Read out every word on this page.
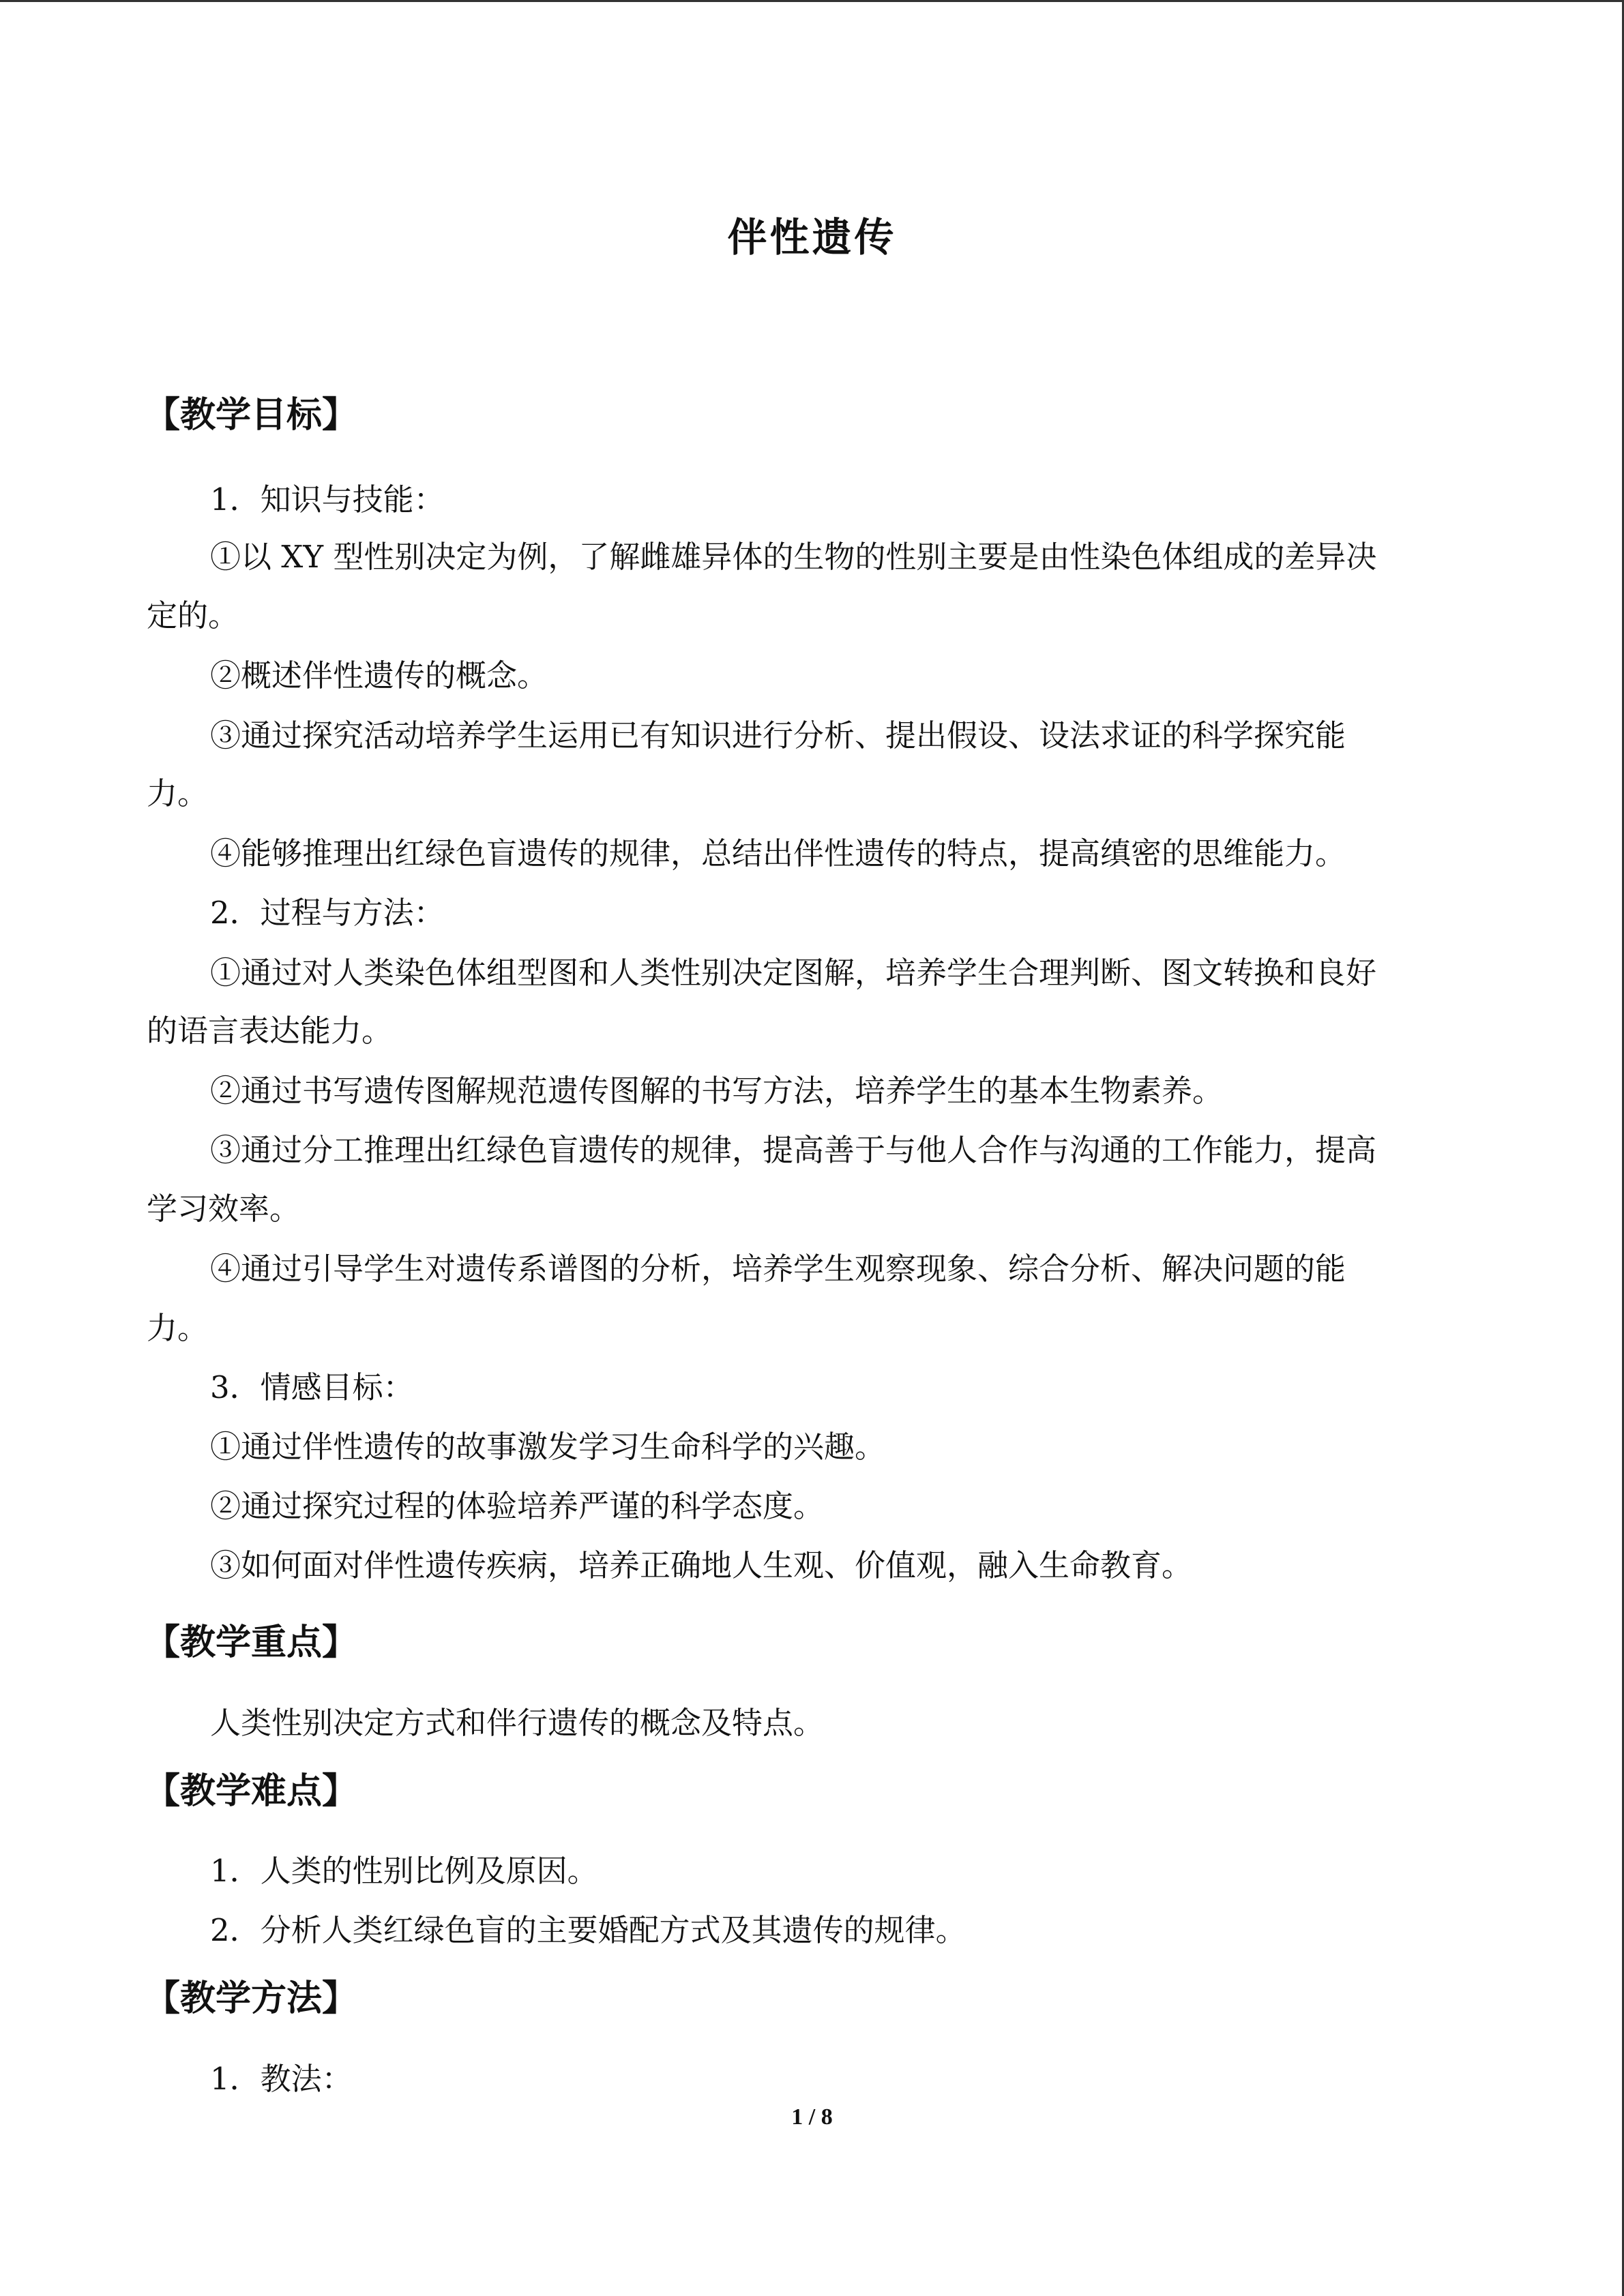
伴性遗传
【教学目标】

1．知识与技能：

①以 XY 型性别决定为例，了解雌雄异体的生物的性别主要是由性染色体组成的差异决

定的。

②概述伴性遗传的概念。

③通过探究活动培养学生运用已有知识进行分析、提出假设、设法求证的科学探究能

力。

④能够推理出红绿色盲遗传的规律，总结出伴性遗传的特点，提高缜密的思维能力。

2．过程与方法：

①通过对人类染色体组型图和人类性别决定图解，培养学生合理判断、图文转换和良好

的语言表达能力。

②通过书写遗传图解规范遗传图解的书写方法，培养学生的基本生物素养。

③通过分工推理出红绿色盲遗传的规律，提高善于与他人合作与沟通的工作能力，提高

学习效率。

④通过引导学生对遗传系谱图的分析，培养学生观察现象、综合分析、解决问题的能

力。

3．情感目标：

①通过伴性遗传的故事激发学习生命科学的兴趣。

②通过探究过程的体验培养严谨的科学态度。

③如何面对伴性遗传疾病，培养正确地人生观、价值观，融入生命教育。

【教学重点】

人类性别决定方式和伴行遗传的概念及特点。

【教学难点】

1．人类的性别比例及原因。

2．分析人类红绿色盲的主要婚配方式及其遗传的规律。

【教学方法】

1．教法：

1 / 8
